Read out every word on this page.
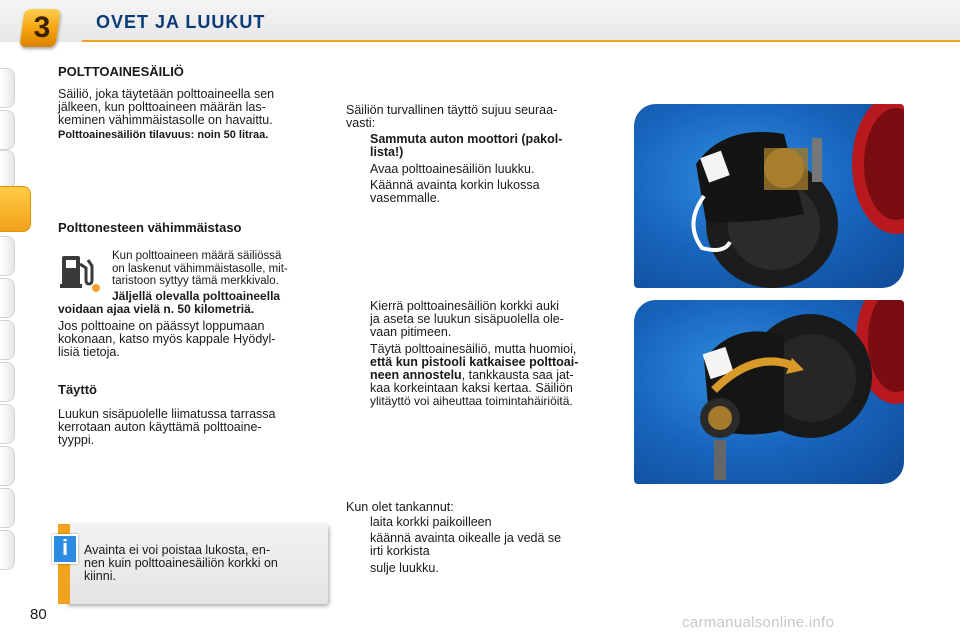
3	OVET JA LUUKUT
POLTTOAINESÄILIÖ
Säiliö, joka täytetään polttoaineella sen
jälkeen, kun polttoaineen määrän las-
keminen vähimmäistasolle on havaittu.
Polttoainesäiliön tilavuus: noin 50 litraa.
Polttonesteen vähimmäistaso
Kun polttoaineen määrä säiliössä
on laskenut vähimmäistasolle, mit-
taristoon syttyy tämä merkkivalo.
Jäljellä olevalla polttoaineella
voidaan ajaa vielä n. 50 kilometriä.
Jos polttoaine on päässyt loppumaan
kokonaan, katso myös kappale Hyödyl-
lisiä tietoja.
Täyttö
Luukun sisäpuolelle liimatussa tarrassa
kerrotaan auton käyttämä polttoaine-
tyyppi.
i	Avainta ei voi poistaa lukosta, en-
nen kuin polttoainesäiliön korkki on
kiinni.
Säiliön turvallinen täyttö sujuu seuraa-
vasti:
Sammuta auton moottori (pakol-
lista!)
Avaa polttoainesäiliön luukku.
Käännä avainta korkin lukossa
vasemmalle.
Kierrä polttoainesäiliön korkki auki
ja aseta se luukun sisäpuolella ole-
vaan pitimeen.
Täytä polttoainesäiliö, mutta huomioi,
että kun pistooli katkaisee polttoai-
neen annostelu, tankkausta saa jat-
kaa korkeintaan kaksi kertaa. Säiliön
ylitäyttö voi aiheuttaa toimintahäiriöitä.
Kun olet tankannut:
laita korkki paikoilleen
käännä avainta oikealle ja vedä se
irti korkista
sulje luukku.
80	carmanualsonline.info
